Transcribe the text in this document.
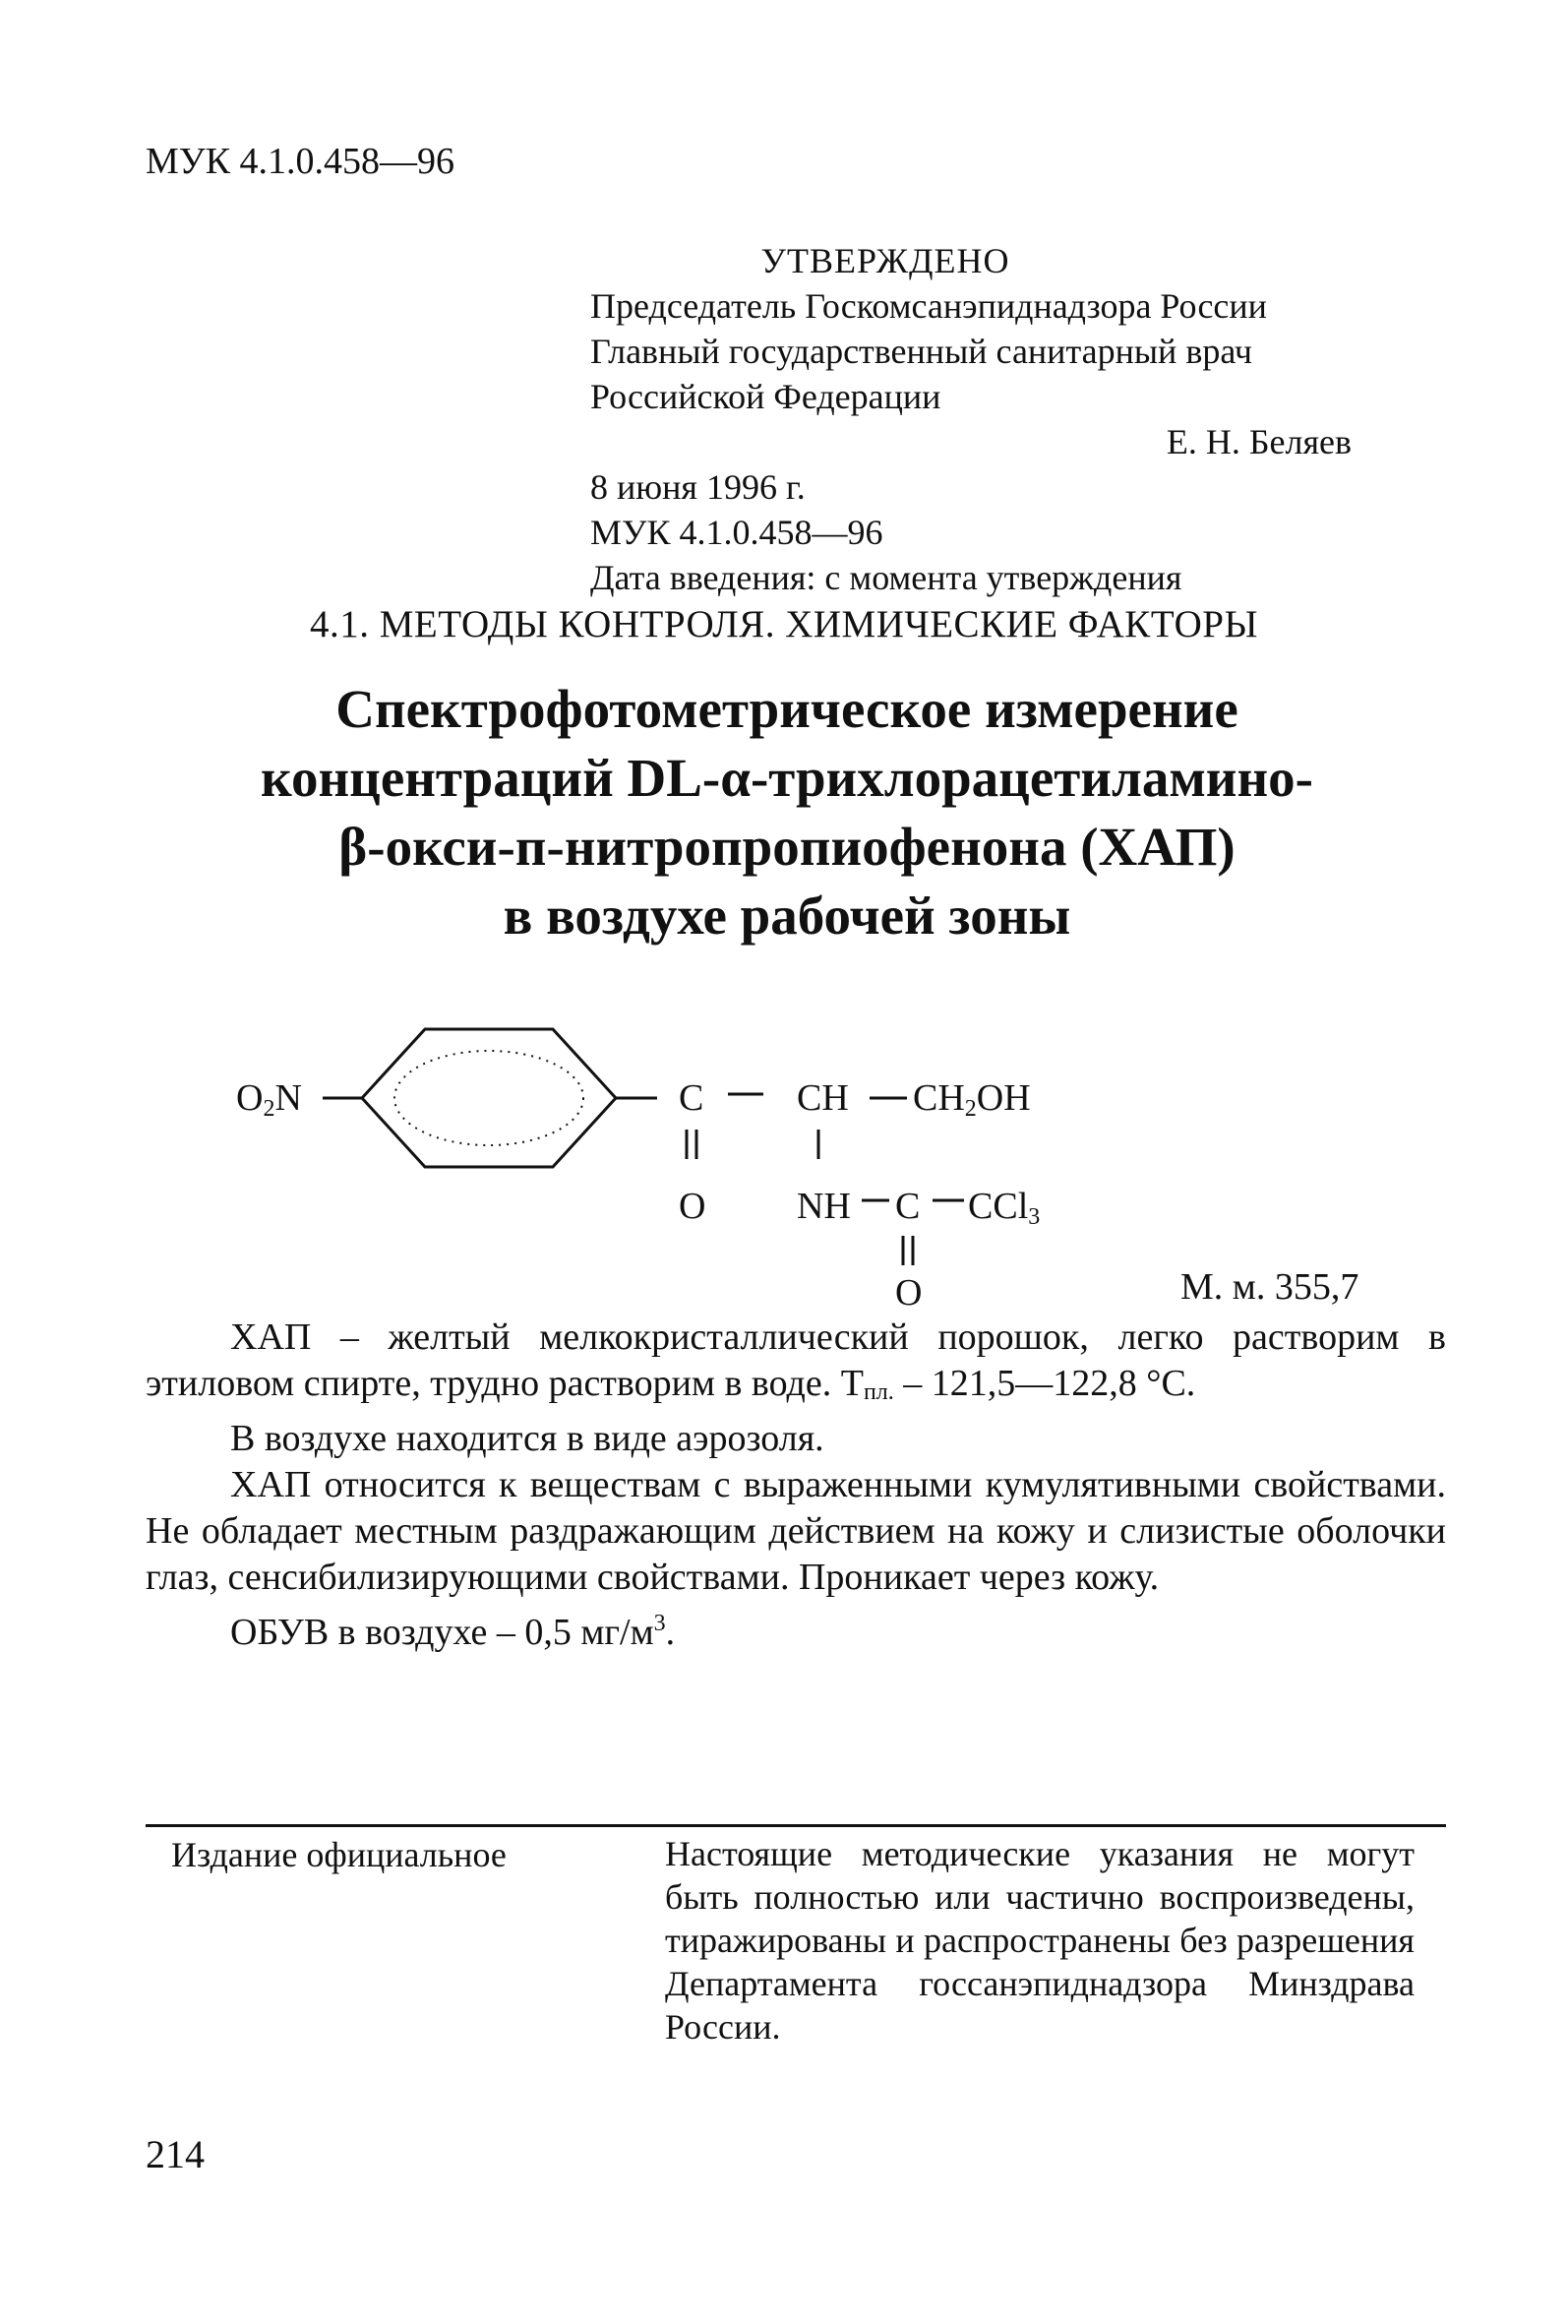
МУК 4.1.0.458—96
УТВЕРЖДЕНО
Председатель Госкомсанэпиднадзора России
Главный государственный санитарный врач
Российской Федерации
Е. Н. Беляев
8 июня 1996 г.
МУК 4.1.0.458—96
Дата введения: с момента утверждения
4.1. МЕТОДЫ КОНТРОЛЯ. ХИМИЧЕСКИЕ ФАКТОРЫ
Спектрофотометрическое измерение
концентраций DL-α-трихлорацетиламино-
β-окси-п-нитропропиофенона (ХАП)
в воздухе рабочей зоны
O2N	C CH CH2OH
O NH C CCl3
O	М. м. 355,7

ХАП – желтый мелкокристаллический порошок, легко растворим в этиловом спирте, трудно растворим в воде. Tпл. – 121,5—122,8 °C.

В воздухе находится в виде аэрозоля.

ХАП относится к веществам с выраженными кумулятивными свойствами. Не обладает местным раздражающим действием на кожу и слизистые оболочки глаз, сенсибилизирующими свойствами. Проникает через кожу.

ОБУВ в воздухе – 0,5 $мг/м^3$.

Издание официальное	Настоящие методические указания не могут быть полностью или частично воспроизведены, тиражированы и распространены без разрешения Департамента госсанэпиднадзора Минздрава России.
214
